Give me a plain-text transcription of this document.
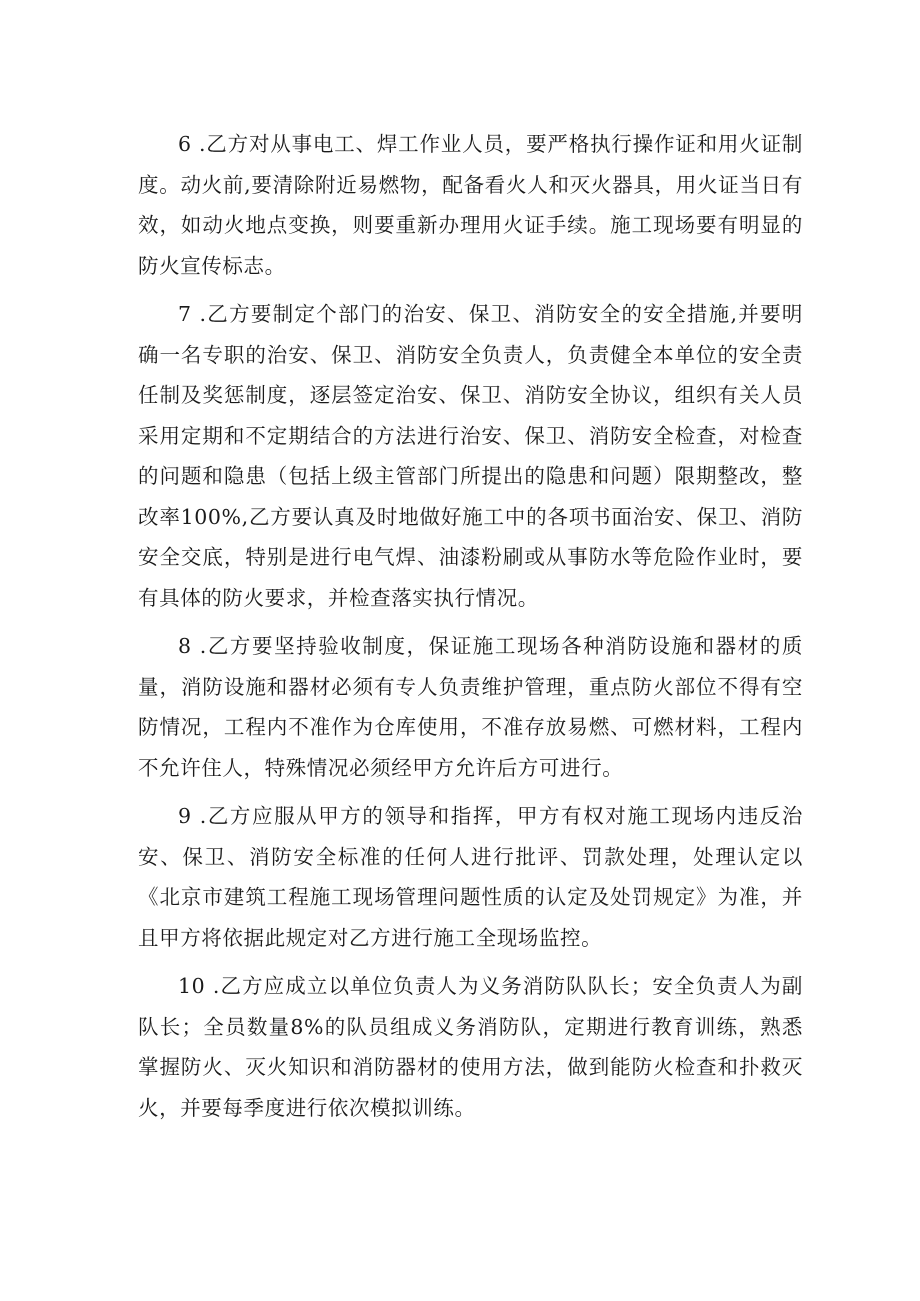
6 .乙方对从事电工、焊工作业人员，要严格执行操作证和用火证制度。动火前,要清除附近易燃物，配备看火人和灭火器具，用火证当日有效，如动火地点变换，则要重新办理用火证手续。施工现场要有明显的防火宣传标志。

7 .乙方要制定个部门的治安、保卫、消防安全的安全措施,并要明确一名专职的治安、保卫、消防安全负责人，负责健全本单位的安全责任制及奖惩制度，逐层签定治安、保卫、消防安全协议，组织有关人员采用定期和不定期结合的方法进行治安、保卫、消防安全检查，对检查的问题和隐患（包括上级主管部门所提出的隐患和问题）限期整改，整改率100%,乙方要认真及时地做好施工中的各项书面治安、保卫、消防安全交底，特别是进行电气焊、油漆粉刷或从事防水等危险作业时，要有具体的防火要求，并检查落实执行情况。

8 .乙方要坚持验收制度，保证施工现场各种消防设施和器材的质量，消防设施和器材必须有专人负责维护管理，重点防火部位不得有空防情况，工程内不准作为仓库使用，不准存放易燃、可燃材料，工程内不允许住人，特殊情况必须经甲方允许后方可进行。

9 .乙方应服从甲方的领导和指挥，甲方有权对施工现场内违反治安、保卫、消防安全标准的任何人进行批评、罚款处理，处理认定以《北京市建筑工程施工现场管理问题性质的认定及处罚规定》为准，并且甲方将依据此规定对乙方进行施工全现场监控。

10 .乙方应成立以单位负责人为义务消防队队长；安全负责人为副队长；全员数量8%的队员组成义务消防队，定期进行教育训练，熟悉掌握防火、灭火知识和消防器材的使用方法，做到能防火检查和扑救灭火，并要每季度进行依次模拟训练。
